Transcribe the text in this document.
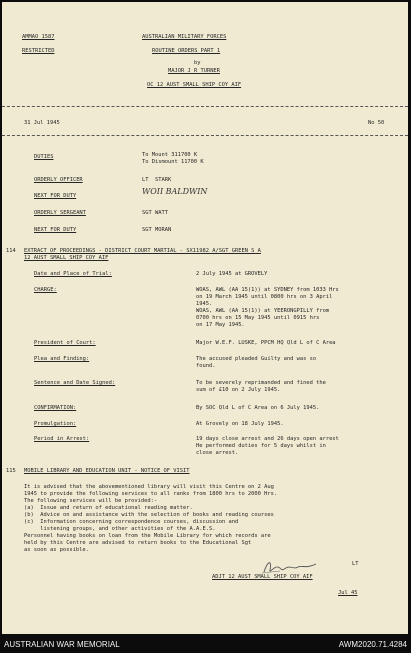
AMMAO 1587
RESTRICTED
AUSTRALIAN MILITARY FORCES
ROUTINE ORDERS PART 1
by
MAJOR J R TURNER
OC 12 AUST SMALL SHIP COY AIF
31 Jul 1945	No 50
DUTIES	To Mount 311700 K
To Dismount 11700 K
ORDERLY OFFICER	LT  STARK
NEXT FOR DUTY	WOII BALDWIN
ORDERLY SERGEANT	SGT WATT
NEXT FOR DUTY	SGT MORAN
114 EXTRACT OF PROCEEDINGS - DISTRICT COURT MARTIAL - SX11982 A/SGT GREEN S A
12 AUST SMALL SHIP COY AIF
Date and Place of Trial:	2 July 1945 at GROVELY
CHARGE:	WOAS, AWL (AA 15(1)) at SYDNEY from 1033 Hrs
on 19 March 1945 until 0800 hrs on 3 April
1945.
WOAS, AWL (AA 15(1)) at YEERONGPILLY from
0700 hrs on 15 May 1945 until 0915 hrs
on 17 May 1945.
President of Court:	Major W.E.F. LUSKE, PPCM HQ Qld L of C Area
Plea and Finding:	The accused pleaded Guilty and was so
found.
Sentence and Date Signed:	To be severely reprimanded and fined the
sum of £10 on 2 July 1945.
CONFIRMATION:	By SOC Qld L of C Area on 6 July 1945.
Promulgation:	At Grovely on 18 July 1945.
Period in Arrest:	19 days close arrest and 26 days open arrest
He performed duties for 5 days whilst in
close arrest.
115 MOBILE LIBRARY AND EDUCATION UNIT - NOTICE OF VISIT
It is advised that the abovementioned library will visit this Centre on 2 Aug
1945 to provide the following services to all ranks from 1800 hrs to 2000 Hrs.
The following services will be provided:-
(a)  Issue and return of educational reading matter.
(b)  Advice on and assistance with the selection of books and reading courses
(c)  Information concerning correspondence courses, discussion and
listening groups, and other activities of the A.A.E.S.
Personnel having books on loan from the Mobile Library for which records are
held by this Centre are advised to return books to the Educational Sgt
as soon as possible.
LT
ADJT 12 AUST SMALL SHIP COY AIF
Jul 45
AUSTRALIAN WAR MEMORIAL	AWM2020.71.4284
